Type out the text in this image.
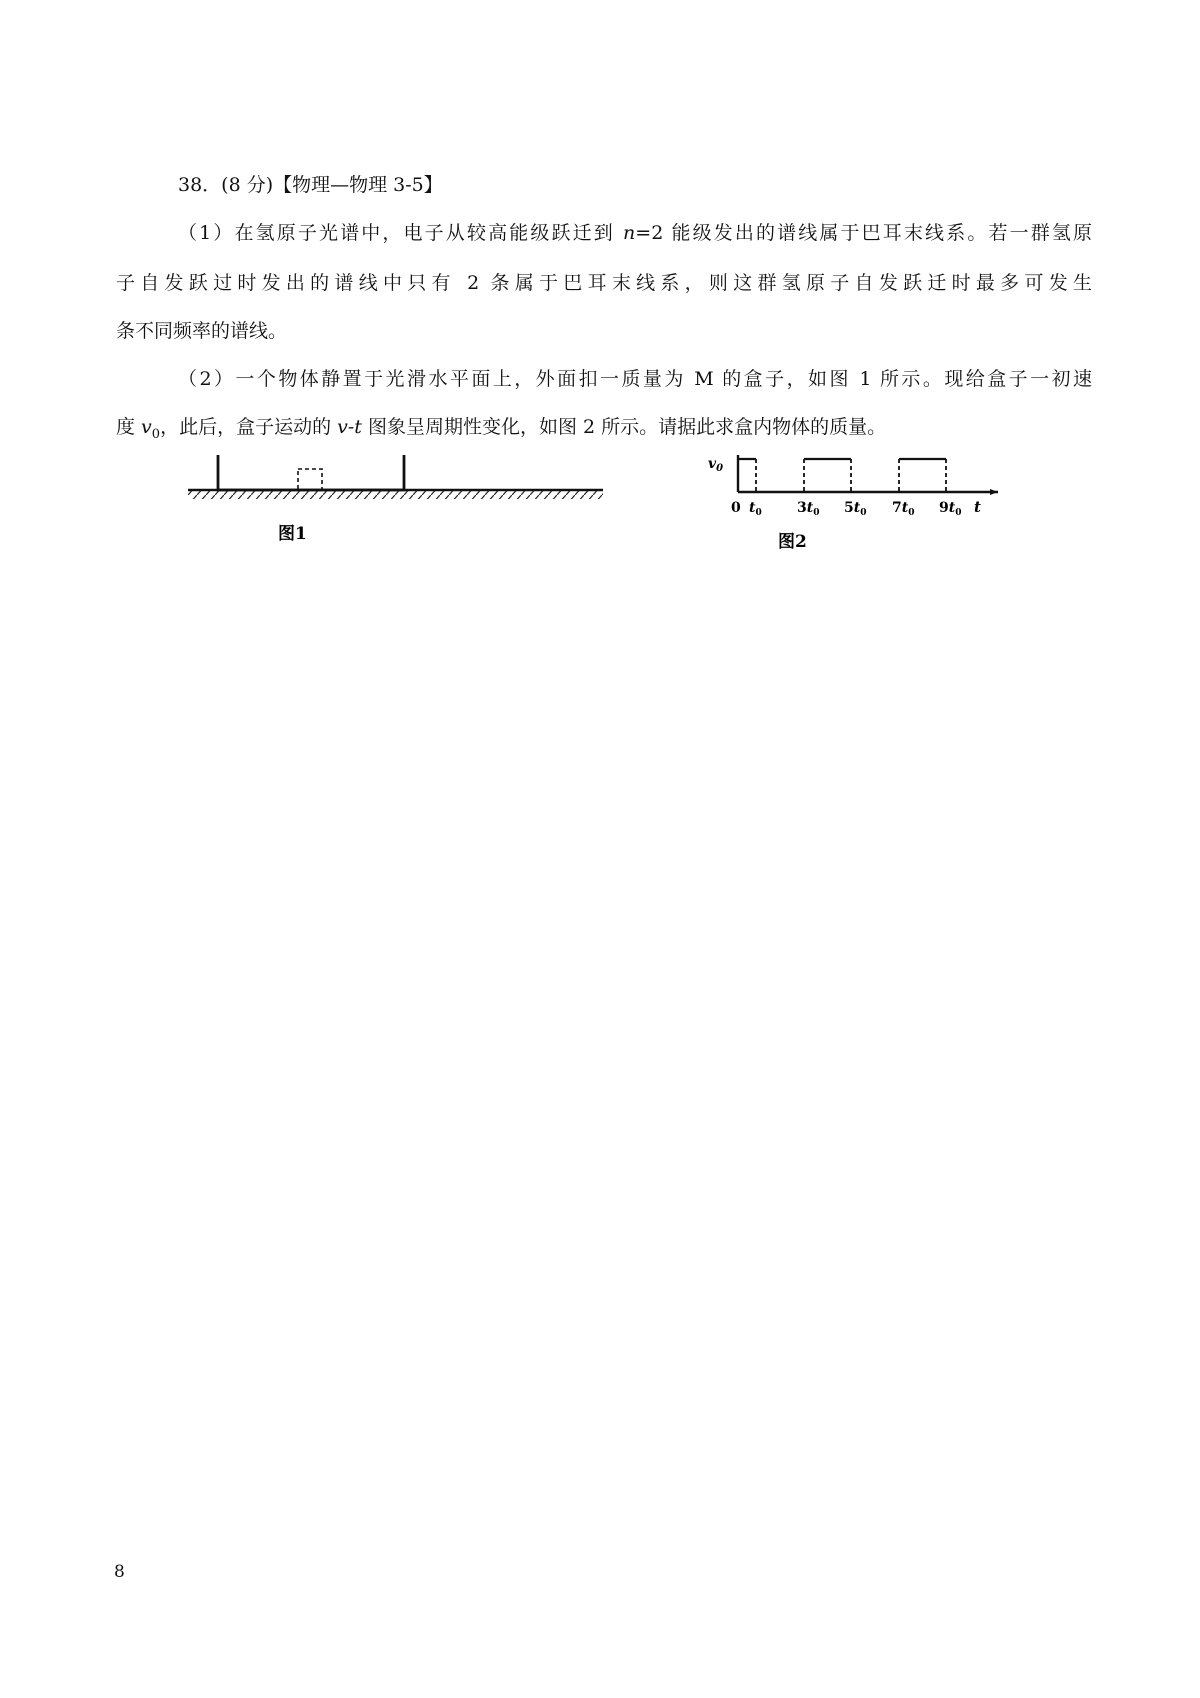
38．(8 分)【物理—物理 3-5】
（1）在氢原子光谱中，电子从较高能级跃迁到 n=2 能级发出的谱线属于巴耳末线系。若一群氢原
子自发跃过时发出的谱线中只有 2 条属于巴耳末线系，则这群氢原子自发跃迁时最多可发生
条不同频率的谱线。
（2）一个物体静置于光滑水平面上，外面扣一质量为 M 的盒子，如图 1 所示。现给盒子一初速
度 $v_0$，此后，盒子运动的 v-t 图象呈周期性变化，如图 2 所示。请据此求盒内物体的质量。
图1
$v_0$
0 $t_0$	$3t_0$ $5t_0$ $7t_0$ $9t_0$ t
图2
8
